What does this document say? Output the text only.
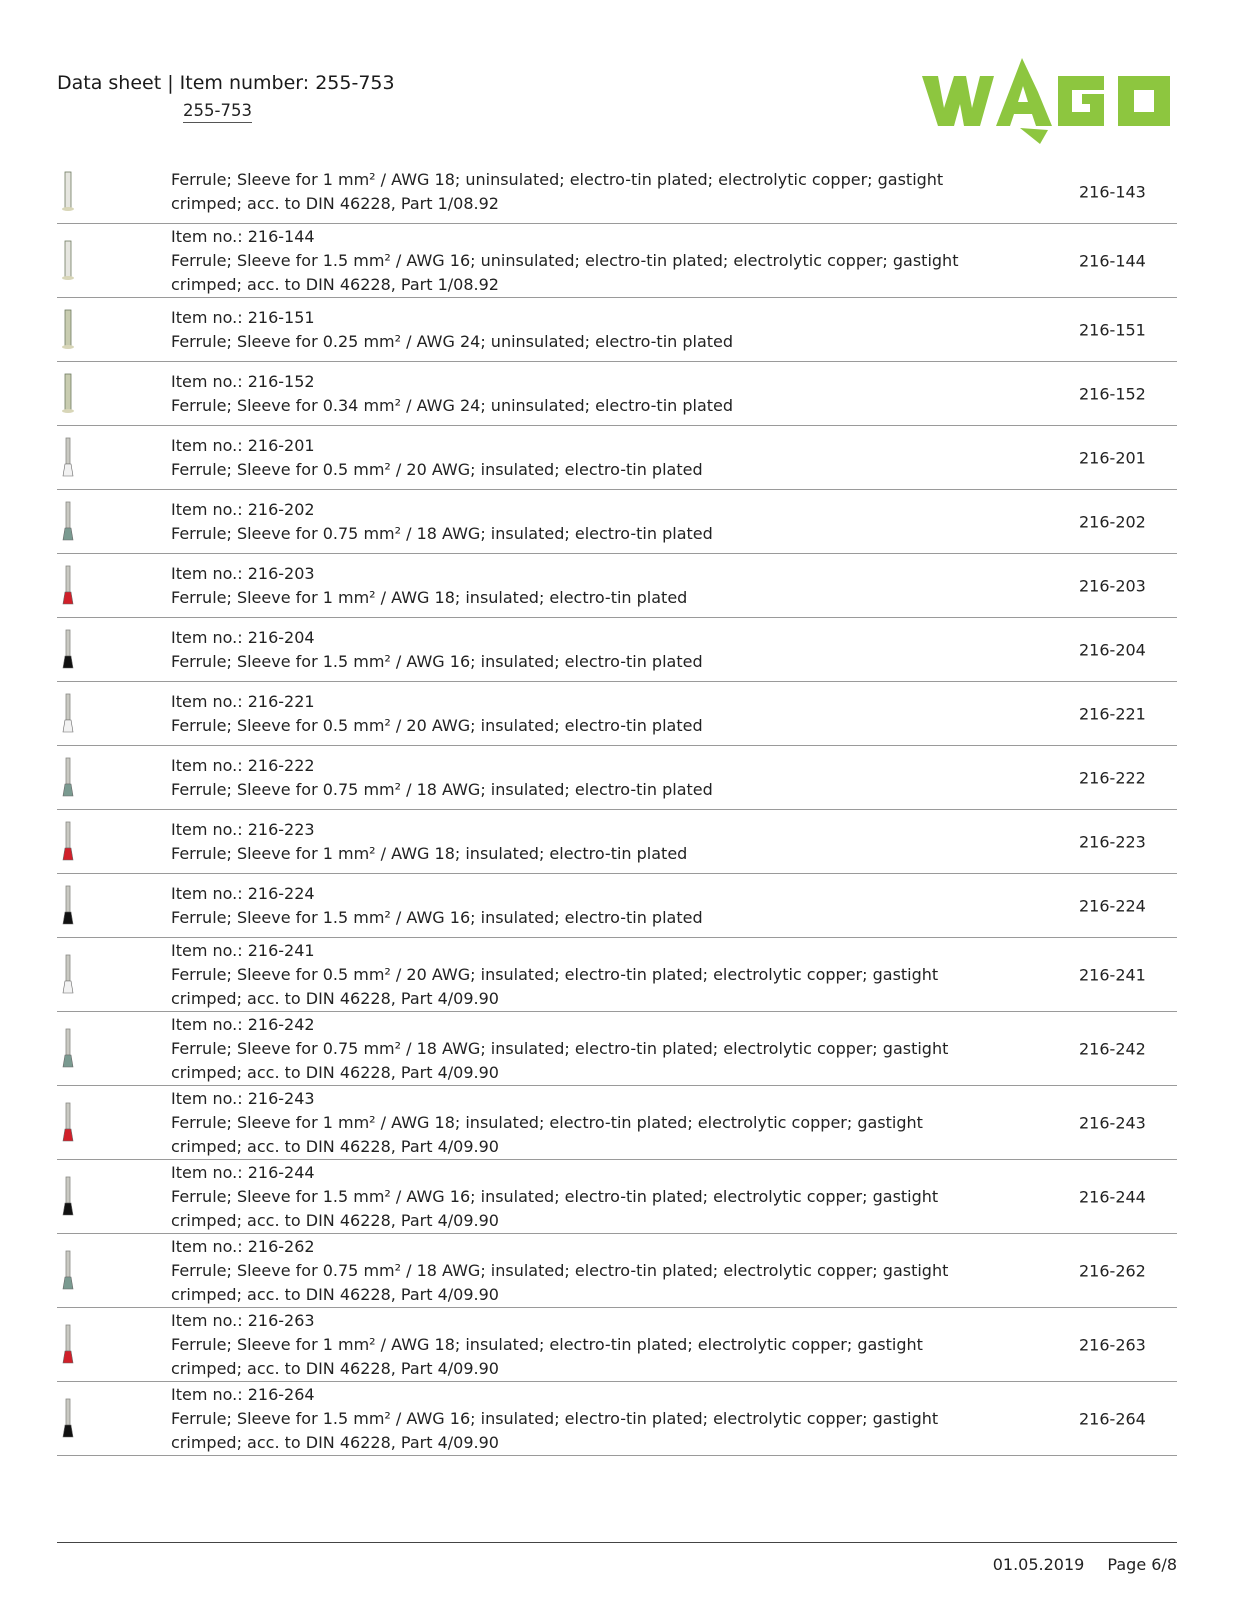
Data sheet | Item number: 255-753
255-753
Ferrule; Sleeve for 1 mm² / AWG 18; uninsulated; electro-tin plated; electrolytic copper; gastight crimped; acc. to DIN 46228, Part 1/08.92
216-143
Item no.: 216-144
Ferrule; Sleeve for 1.5 mm² / AWG 16; uninsulated; electro-tin plated; electrolytic copper; gastight crimped; acc. to DIN 46228, Part 1/08.92
216-144
Item no.: 216-151
Ferrule; Sleeve for 0.25 mm² / AWG 24; uninsulated; electro-tin plated
216-151
Item no.: 216-152
Ferrule; Sleeve for 0.34 mm² / AWG 24; uninsulated; electro-tin plated
216-152
Item no.: 216-201
Ferrule; Sleeve for 0.5 mm² / 20 AWG; insulated; electro-tin plated
216-201
Item no.: 216-202
Ferrule; Sleeve for 0.75 mm² / 18 AWG; insulated; electro-tin plated
216-202
Item no.: 216-203
Ferrule; Sleeve for 1 mm² / AWG 18; insulated; electro-tin plated
216-203
Item no.: 216-204
Ferrule; Sleeve for 1.5 mm² / AWG 16; insulated; electro-tin plated
216-204
Item no.: 216-221
Ferrule; Sleeve for 0.5 mm² / 20 AWG; insulated; electro-tin plated
216-221
Item no.: 216-222
Ferrule; Sleeve for 0.75 mm² / 18 AWG; insulated; electro-tin plated
216-222
Item no.: 216-223
Ferrule; Sleeve for 1 mm² / AWG 18; insulated; electro-tin plated
216-223
Item no.: 216-224
Ferrule; Sleeve for 1.5 mm² / AWG 16; insulated; electro-tin plated
216-224
Item no.: 216-241
Ferrule; Sleeve for 0.5 mm² / 20 AWG; insulated; electro-tin plated; electrolytic copper; gastight crimped; acc. to DIN 46228, Part 4/09.90
216-241
Item no.: 216-242
Ferrule; Sleeve for 0.75 mm² / 18 AWG; insulated; electro-tin plated; electrolytic copper; gastight crimped; acc. to DIN 46228, Part 4/09.90
216-242
Item no.: 216-243
Ferrule; Sleeve for 1 mm² / AWG 18; insulated; electro-tin plated; electrolytic copper; gastight crimped; acc. to DIN 46228, Part 4/09.90
216-243
Item no.: 216-244
Ferrule; Sleeve for 1.5 mm² / AWG 16; insulated; electro-tin plated; electrolytic copper; gastight crimped; acc. to DIN 46228, Part 4/09.90
216-244
Item no.: 216-262
Ferrule; Sleeve for 0.75 mm² / 18 AWG; insulated; electro-tin plated; electrolytic copper; gastight crimped; acc. to DIN 46228, Part 4/09.90
216-262
Item no.: 216-263
Ferrule; Sleeve for 1 mm² / AWG 18; insulated; electro-tin plated; electrolytic copper; gastight crimped; acc. to DIN 46228, Part 4/09.90
216-263
Item no.: 216-264
Ferrule; Sleeve for 1.5 mm² / AWG 16; insulated; electro-tin plated; electrolytic copper; gastight crimped; acc. to DIN 46228, Part 4/09.90
216-264
01.05.2019 Page 6/8
